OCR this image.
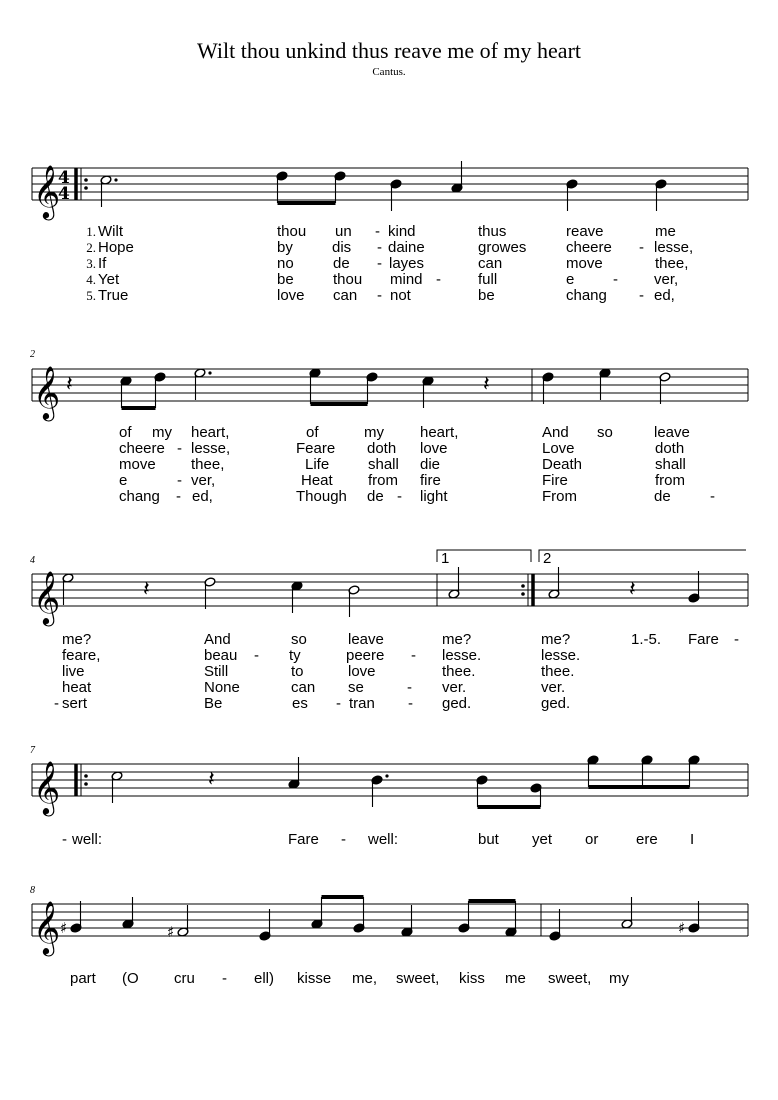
Wilt thou unkind thus reave me of my heart
Cantus.
𝄞
4
4
𝄞 𝄽	𝄽
𝄞	𝄽	𝄽
𝄞	𝄽
𝄞 ♯	♯	♯
1.
2.
3.
4.
5.
Wilt	thou un - kind	thus	reave	me
Hope	by	dis - daine	growes	cheere - lesse,
If	no	de - layes	can	move	thee,
Yet	be	thou mind - full	e	- ver,
True	love can - not	be	chang - ed,
2
of my heart,	of	my heart,	And so	leave
cheere - lesse,	Feare doth love	Love	doth
move thee,	Life	shall die	Death	shall
e	- ver,	Heat from fire	Fire	from
chang - ed,	Though de - light	From	de	-
4	1	2
me?	And	so	leave	me?	me?	1.-5. Fare -
feare,	beau - ty	peere - lesse.	lesse.
live	Still	to	love	thee.	thee.
heat	None	can se	- ver.	ver.
- sert	Be	es - tran - ged.	ged.
7
- well:	Fare - well:	but yet or	ere I
8
part (O cru - ell) kisse me, sweet, kiss me sweet, my
